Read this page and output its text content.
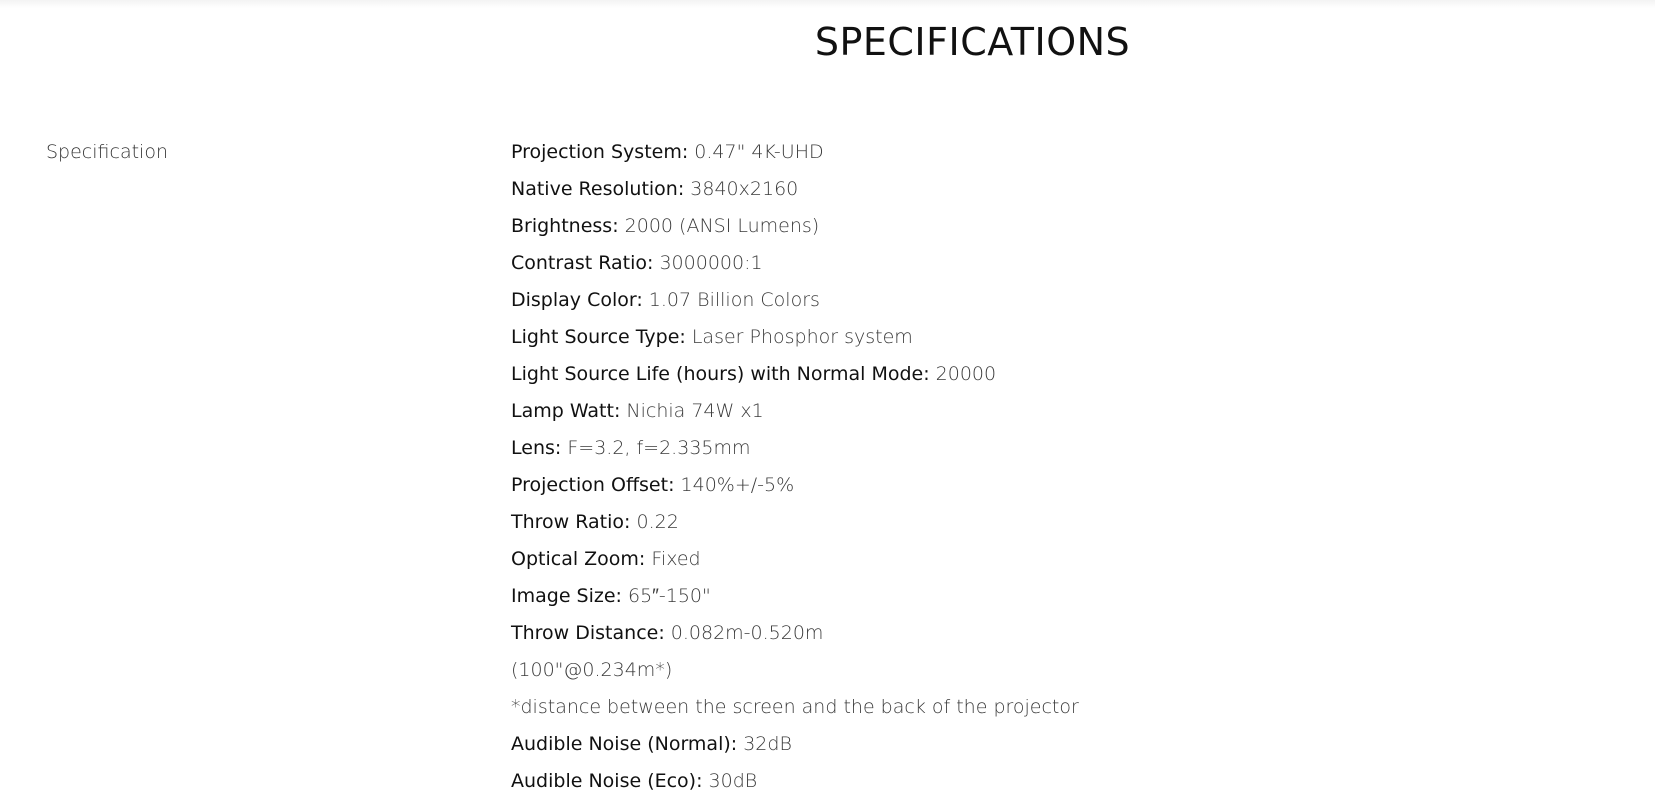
SPECIFICATIONS
Specification	Projection System: 0.47" 4K-UHD
Native Resolution: 3840x2160
Brightness: 2000 (ANSI Lumens)
Contrast Ratio: 3000000:1
Display Color: 1.07 Billion Colors
Light Source Type: Laser Phosphor system
Light Source Life (hours) with Normal Mode: 20000
Lamp Watt: Nichia 74W x1
Lens: F=3.2, f=2.335mm
Projection Offset: 140%+/-5%
Throw Ratio: 0.22
Optical Zoom: Fixed
Image Size: 65″-150"
Throw Distance: 0.082m-0.520m
(100"@0.234m*)
*distance between the screen and the back of the projector
Audible Noise (Normal): 32dB
Audible Noise (Eco): 30dB
